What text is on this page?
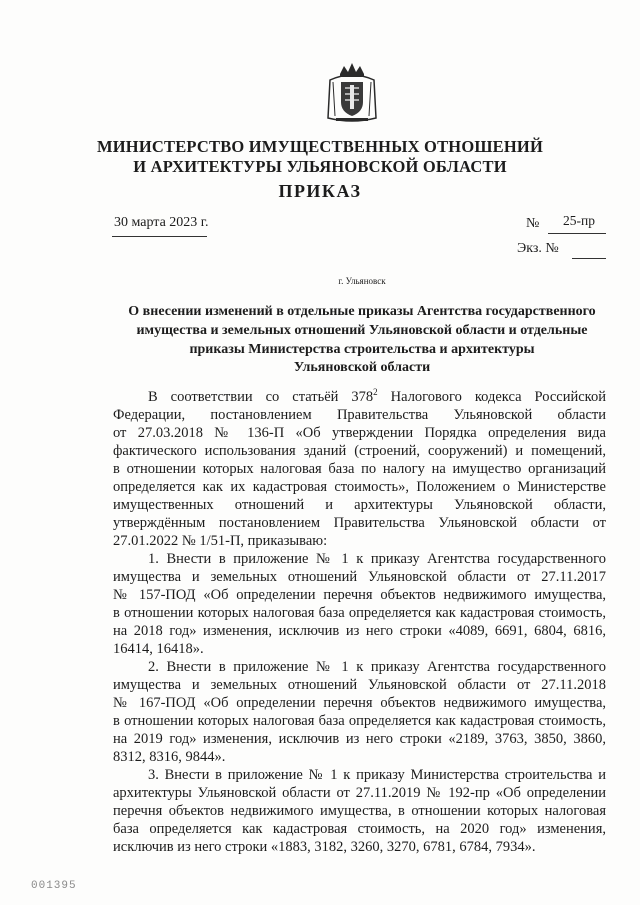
МИНИСТЕРСТВО ИМУЩЕСТВЕННЫХ ОТНОШЕНИЙ
И АРХИТЕКТУРЫ УЛЬЯНОВСКОЙ ОБЛАСТИ
ПРИКАЗ
30 марта 2023 г.	№ 25-пр
Экз. №
г. Ульяновск
О внесении изменений в отдельные приказы Агентства государственного
имущества и земельных отношений Ульяновской области и отдельные
приказы Министерства строительства и архитектуры
Ульяновской области
В соответствии со статьёй $378^2$ Налогового кодекса Российской
Федерации, постановлением Правительства Ульяновской области
от 27.03.2018 № 136-П «Об утверждении Порядка определения вида
фактического использования зданий (строений, сооружений) и помещений,
в отношении которых налоговая база по налогу на имущество организаций
определяется как их кадастровая стоимость», Положением о Министерстве
имущественных отношений и архитектуры Ульяновской области,
утверждённым постановлением Правительства Ульяновской области от
27.01.2022 № 1/51-П, приказываю:
1. Внести в приложение № 1 к приказу Агентства государственного
имущества и земельных отношений Ульяновской области от 27.11.2017
№ 157-ПОД «Об определении перечня объектов недвижимого имущества,
в отношении которых налоговая база определяется как кадастровая стоимость,
на 2018 год» изменения, исключив из него строки «4089, 6691, 6804, 6816,
16414, 16418».
2. Внести в приложение № 1 к приказу Агентства государственного
имущества и земельных отношений Ульяновской области от 27.11.2018
№ 167-ПОД «Об определении перечня объектов недвижимого имущества,
в отношении которых налоговая база определяется как кадастровая стоимость,
на 2019 год» изменения, исключив из него строки «2189, 3763, 3850, 3860,
8312, 8316, 9844».
3. Внести в приложение № 1 к приказу Министерства строительства и
архитектуры Ульяновской области от 27.11.2019 № 192-пр «Об определении
перечня объектов недвижимого имущества, в отношении которых налоговая
база определяется как кадастровая стоимость, на 2020 год» изменения,
исключив из него строки «1883, 3182, 3260, 3270, 6781, 6784, 7934».
001395
